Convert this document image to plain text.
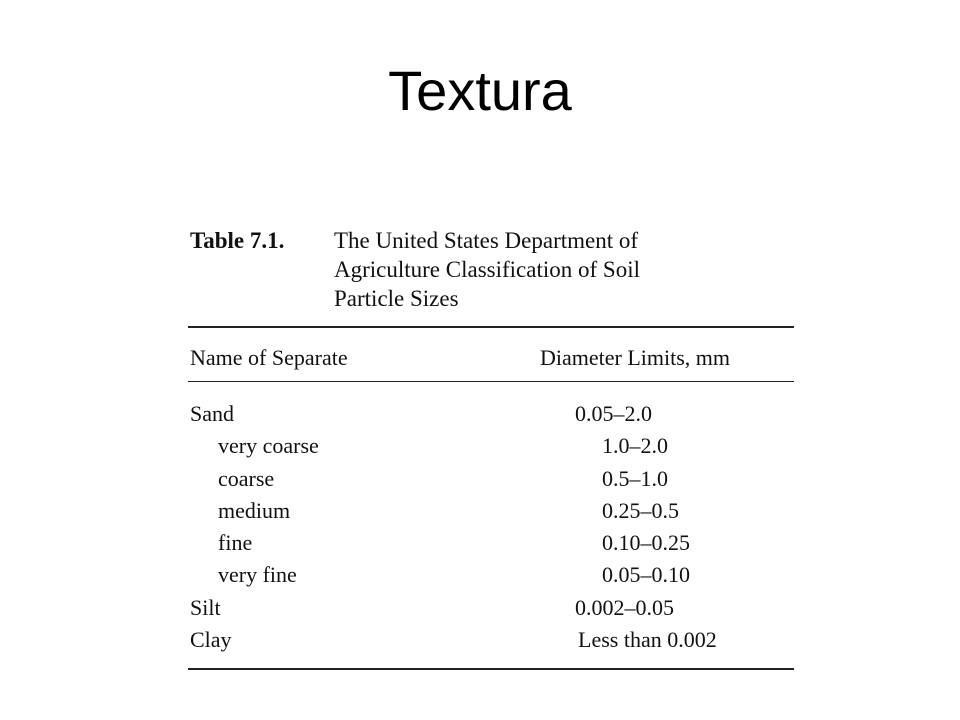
Textura
Table 7.1. The United States Department of
Agriculture Classification of Soil
Particle Sizes
Name of Separate	Diameter Limits, mm
Sand	0.05–2.0
very coarse	1.0–2.0
coarse	0.5–1.0
medium	0.25–0.5
fine	0.10–0.25
very fine	0.05–0.10
Silt	0.002–0.05
Clay	Less than 0.002
